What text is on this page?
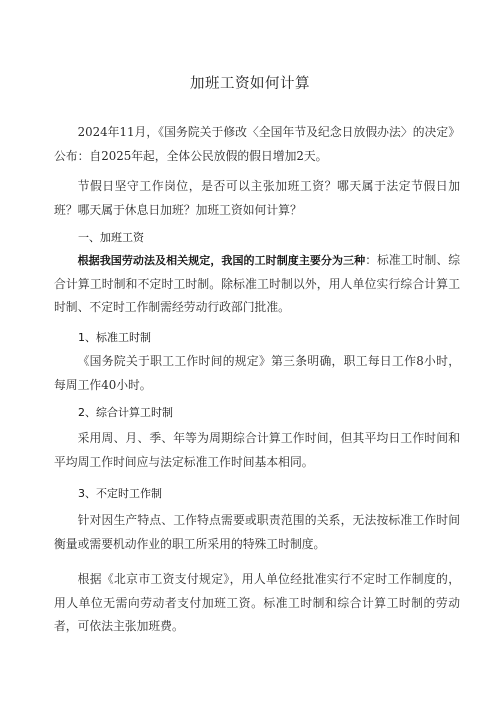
加班工资如何计算

2024年11月，《国务院关于修改〈全国年节及纪念日放假办法〉的决定》公布：自2025年起，全体公民放假的假日增加2天。

节假日坚守工作岗位，是否可以主张加班工资？哪天属于法定节假日加班？哪天属于休息日加班？加班工资如何计算？

一、加班工资

根据我国劳动法及相关规定，我国的工时制度主要分为三种：标准工时制、综合计算工时制和不定时工时制。除标准工时制以外，用人单位实行综合计算工时制、不定时工作制需经劳动行政部门批准。

1、标准工时制

《国务院关于职工工作时间的规定》第三条明确，职工每日工作8小时，每周工作40小时。

2、综合计算工时制

采用周、月、季、年等为周期综合计算工作时间，但其平均日工作时间和平均周工作时间应与法定标准工作时间基本相同。

3、不定时工作制

针对因生产特点、工作特点需要或职责范围的关系，无法按标准工作时间衡量或需要机动作业的职工所采用的特殊工时制度。

根据《北京市工资支付规定》，用人单位经批准实行不定时工作制度的，用人单位无需向劳动者支付加班工资。标准工时制和综合计算工时制的劳动者，可依法主张加班费。
